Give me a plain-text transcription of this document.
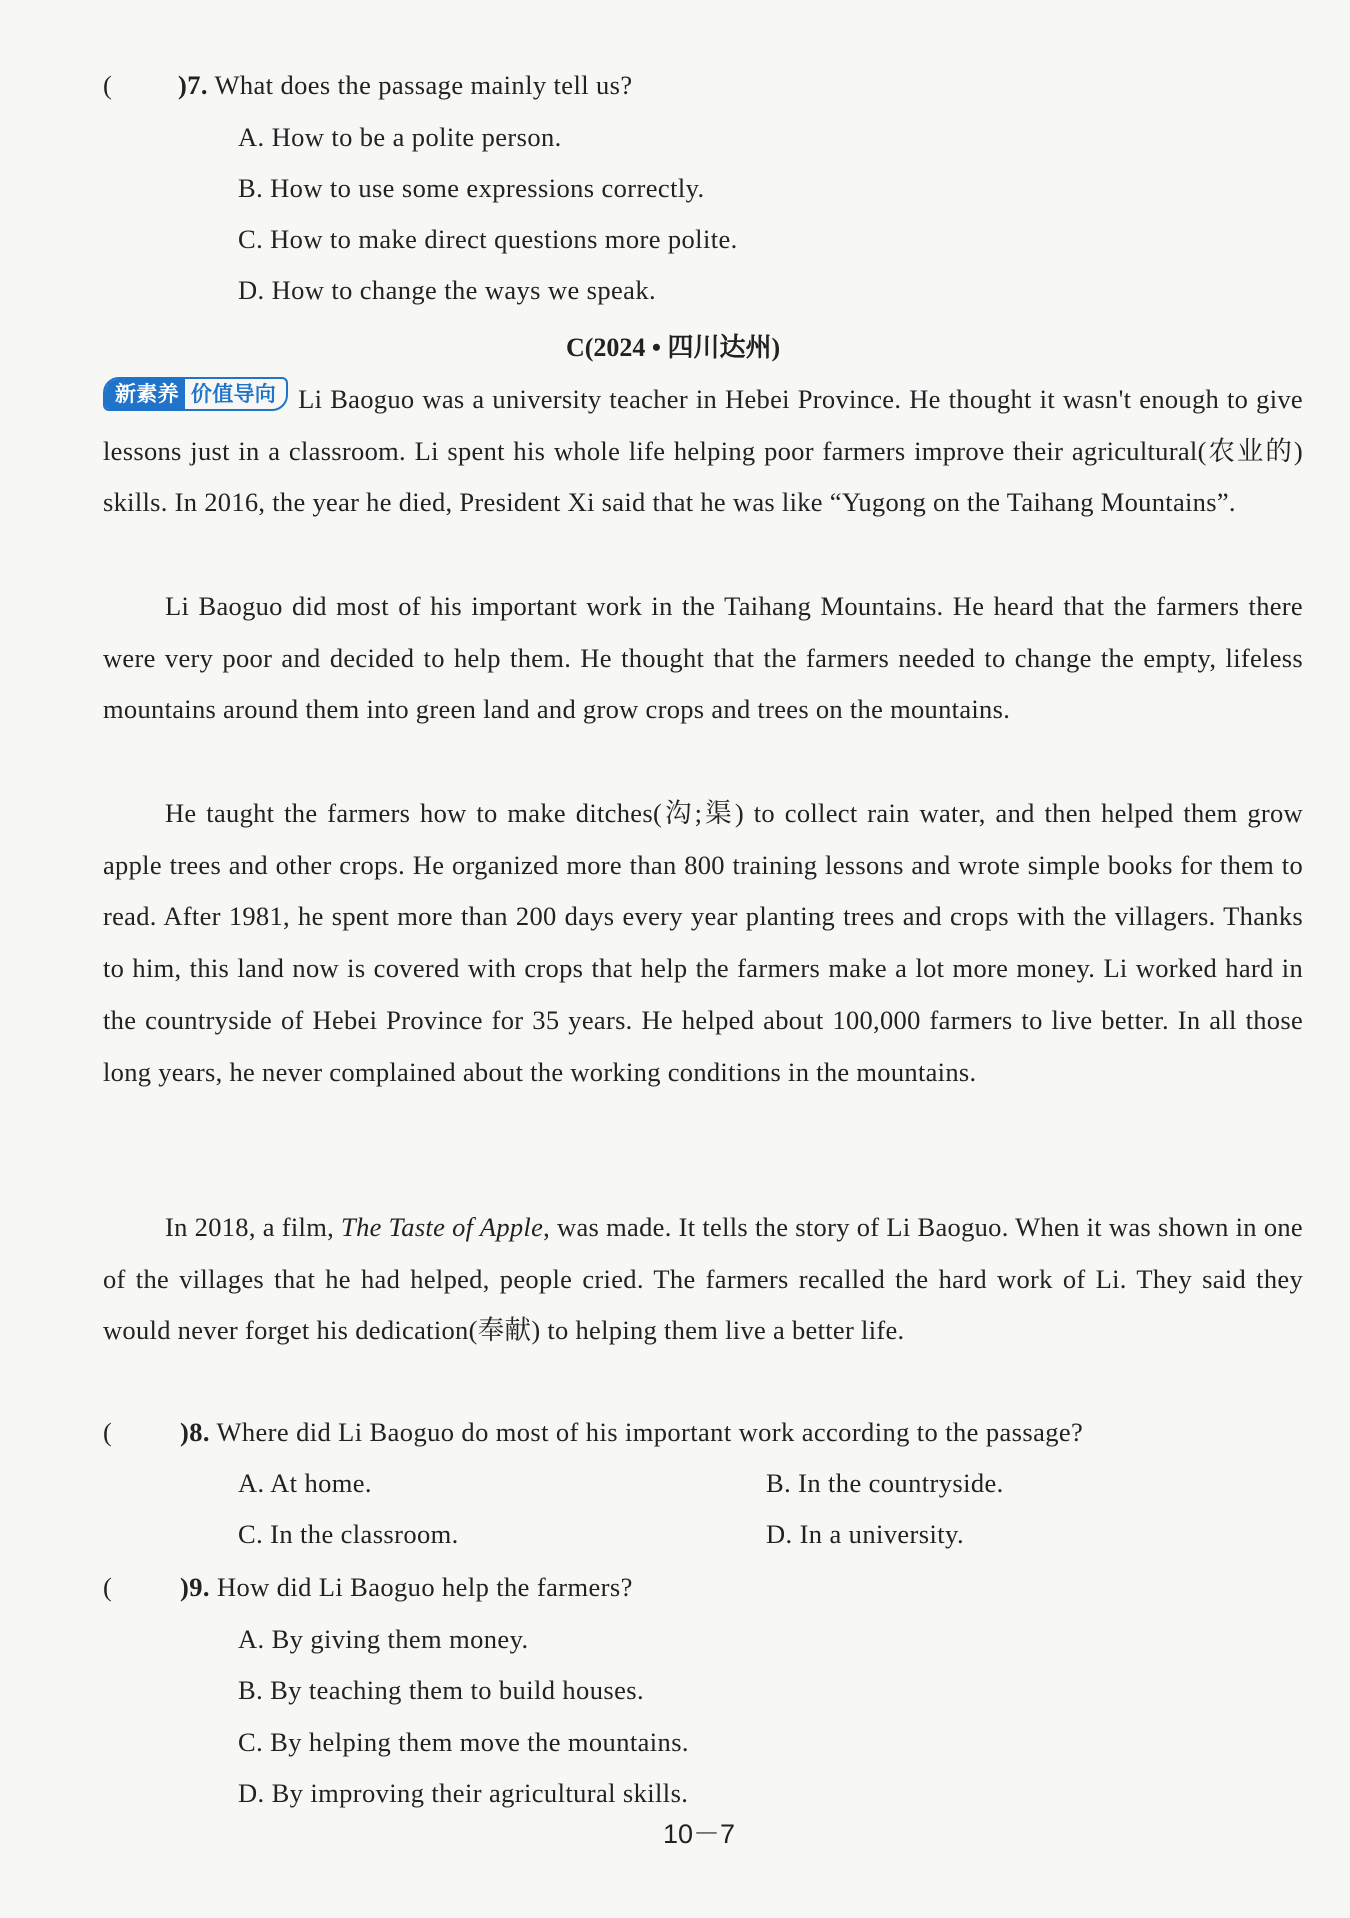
( )7. What does the passage mainly tell us?
A. How to be a polite person.
B. How to use some expressions correctly.
C. How to make direct questions more polite.
D. How to change the ways we speak.
C(2024 • 四川达州)
新素养 价值导向 Li Baoguo was a university teacher in Hebei Province. He thought it wasn't enough to give lessons just in a classroom. Li spent his whole life helping poor farmers improve their agricultural(农业的) skills. In 2016, the year he died, President Xi said that he was like “Yugong on the Taihang Mountains”.
Li Baoguo did most of his important work in the Taihang Mountains. He heard that the farmers there were very poor and decided to help them. He thought that the farmers needed to change the empty, lifeless mountains around them into green land and grow crops and trees on the mountains.
He taught the farmers how to make ditches(沟;渠) to collect rain water, and then helped them grow apple trees and other crops. He organized more than 800 training lessons and wrote simple books for them to read. After 1981, he spent more than 200 days every year planting trees and crops with the villagers. Thanks to him, this land now is covered with crops that help the farmers make a lot more money. Li worked hard in the countryside of Hebei Province for 35 years. He helped about 100,000 farmers to live better. In all those long years, he never complained about the working conditions in the mountains.
In 2018, a film, The Taste of Apple, was made. It tells the story of Li Baoguo. When it was shown in one of the villages that he had helped, people cried. The farmers recalled the hard work of Li. They said they would never forget his dedication(奉献) to helping them live a better life.
(	)8. Where did Li Baoguo do most of his important work according to the passage?
A. At home.	B. In the countryside.
C. In the classroom.	D. In a university.
(	)9. How did Li Baoguo help the farmers?
A. By giving them money.
B. By teaching them to build houses.
C. By helping them move the mountains.
D. By improving their agricultural skills.
10－7
